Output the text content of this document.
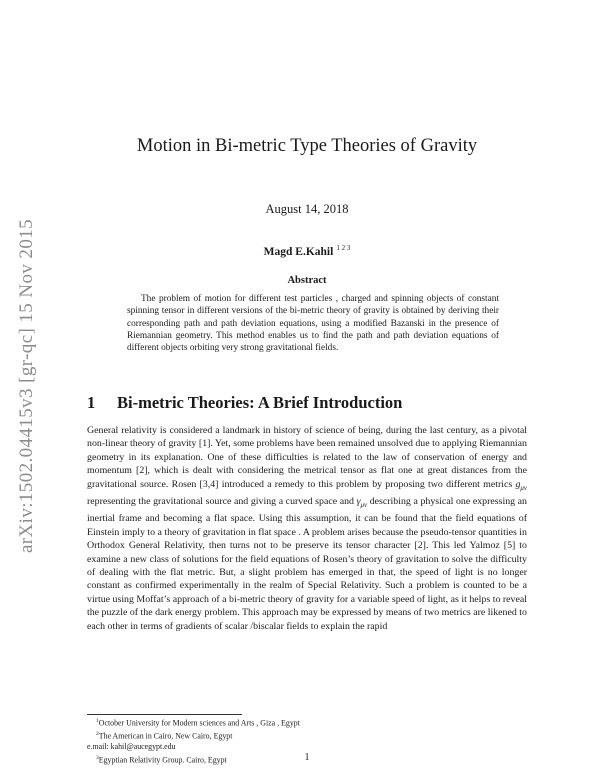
arXiv:1502.04415v3 [gr-qc] 15 Nov 2015
Motion in Bi-metric Type Theories of Gravity
August 14, 2018
Magd E.Kahil $^{1 2 3}$
Abstract

The problem of motion for different test particles , charged and spinning objects of constant spinning tensor in different versions of the bi-metric theory of gravity is obtained by deriving their corresponding path and path deviation equations, using a modified Bazanski in the presence of Riemannian geometry. This method enables us to find the path and path deviation equations of different objects orbiting very strong gravitational fields.

1 Bi-metric Theories: A Brief Introduction

General relativity is considered a landmark in history of science of being, during the last century, as a pivotal non-linear theory of gravity [1]. Yet, some problems have been remained unsolved due to applying Riemannian geometry in its explanation. One of these difficulties is related to the law of conservation of energy and momentum [2], which is dealt with considering the metrical tensor as flat one at great distances from the gravitational source. Rosen [3,4] introduced a remedy to this problem by proposing two different metrics $g_{\mu\nu}$ representing the gravitational source and giving a curved space and $\gamma_{\mu\nu}$ describing a physical one expressing an inertial frame and becoming a flat space. Using this assumption, it can be found that the field equations of Einstein imply to a theory of gravitation in flat space . A problem arises because the pseudo-tensor quantities in Orthodox General Relativity, then turns not to be preserve its tensor character [2]. This led Yalmoz [5] to examine a new class of solutions for the field equations of Rosen’s theory of gravitation to solve the difficulty of dealing with the flat metric. But, a slight problem has emerged in that, the speed of light is no longer constant as confirmed experimentally in the realm of Special Relativity. Such a problem is counted to be a virtue using Moffat’s approach of a bi-metric theory of gravity for a variable speed of light, as it helps to reveal the puzzle of the dark energy problem. This approach may be expressed by means of two metrics are likened to each other in terms of gradients of scalar /biscalar fields to explain the rapid

$^1$October University for Modern sciences and Arts , Giza , Egypt
$^2$The American in Cairo, New Cairo, Egypt
e.mail: kahil@aucegypt.edu
$^3$Egyptian Relativity Group. Cairo, Egypt	1
